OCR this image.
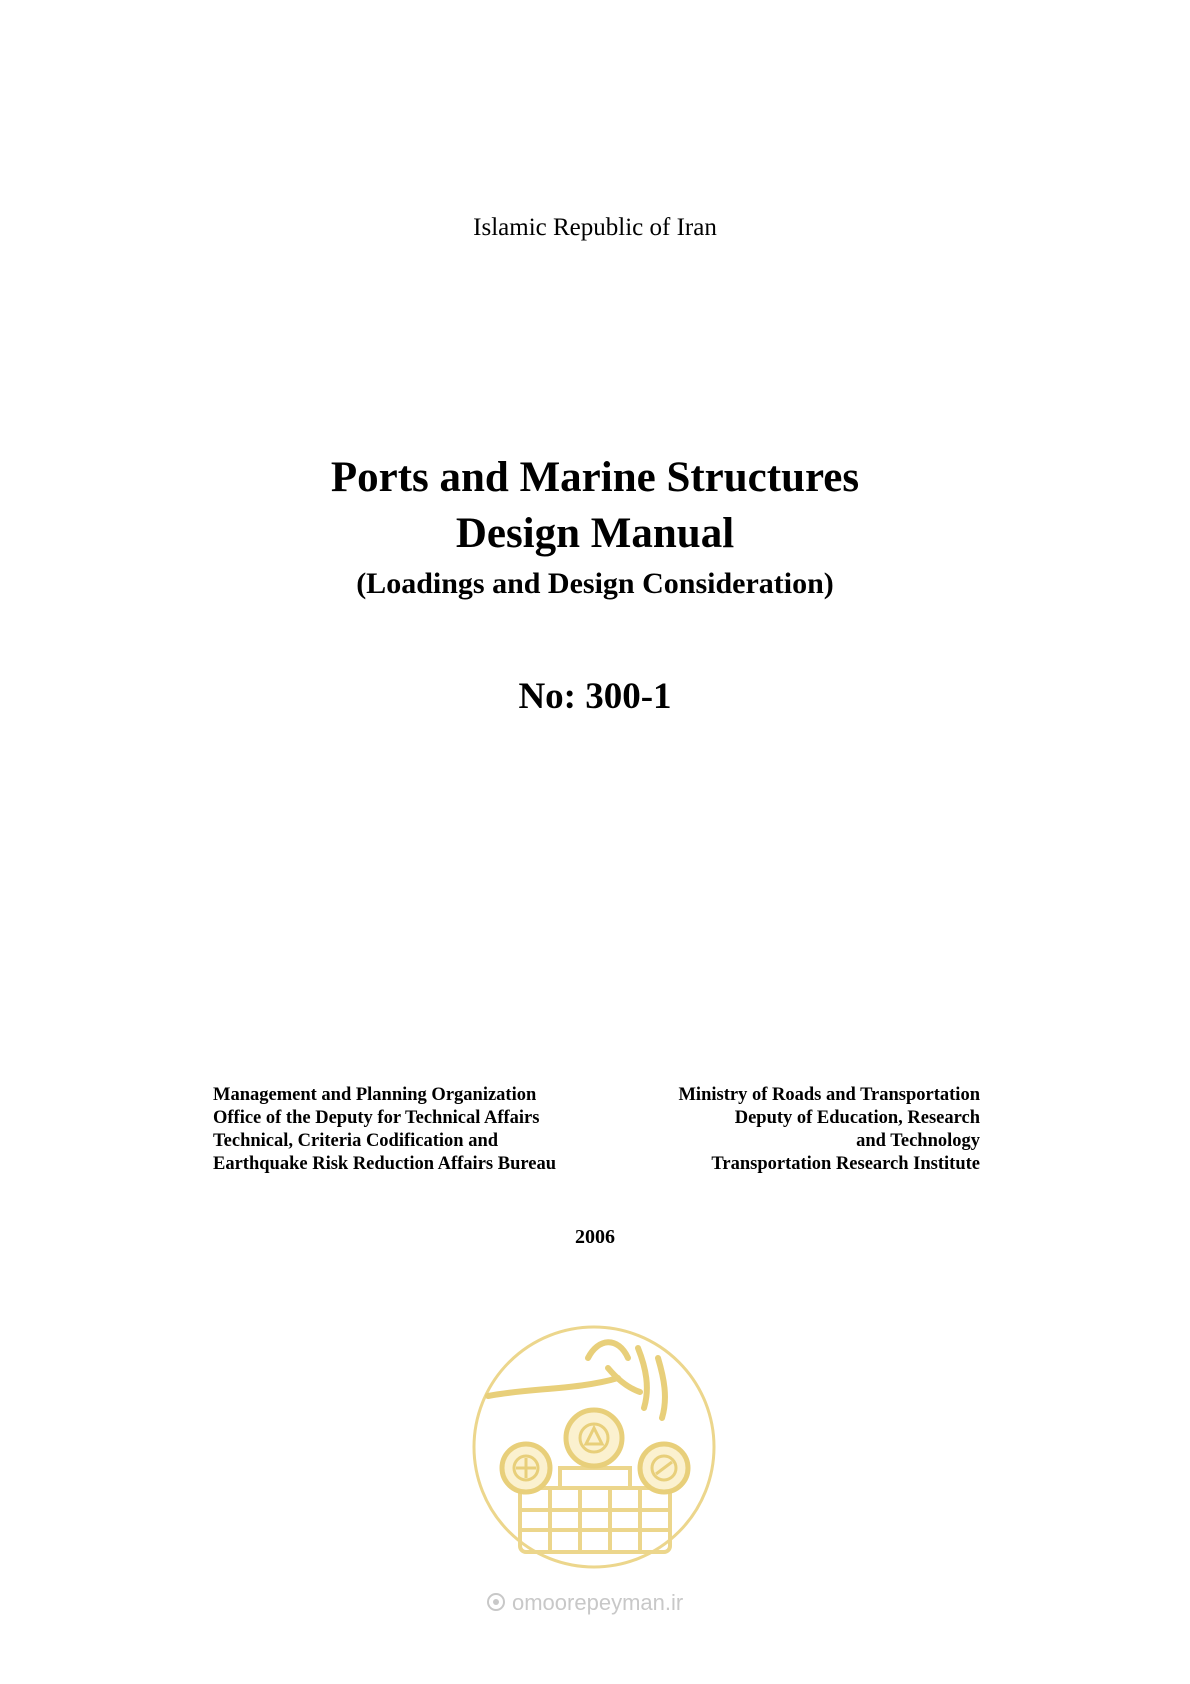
Islamic Republic of Iran
Ports and Marine Structures
Design Manual
(Loadings and Design Consideration)
No: 300-1
Management and Planning Organization
Office of the Deputy for Technical Affairs
Technical, Criteria Codification and
Earthquake Risk Reduction Affairs Bureau
Ministry of Roads and Transportation
Deputy of Education, Research
and Technology
Transportation Research Institute
2006
omoorepeyman.ir
